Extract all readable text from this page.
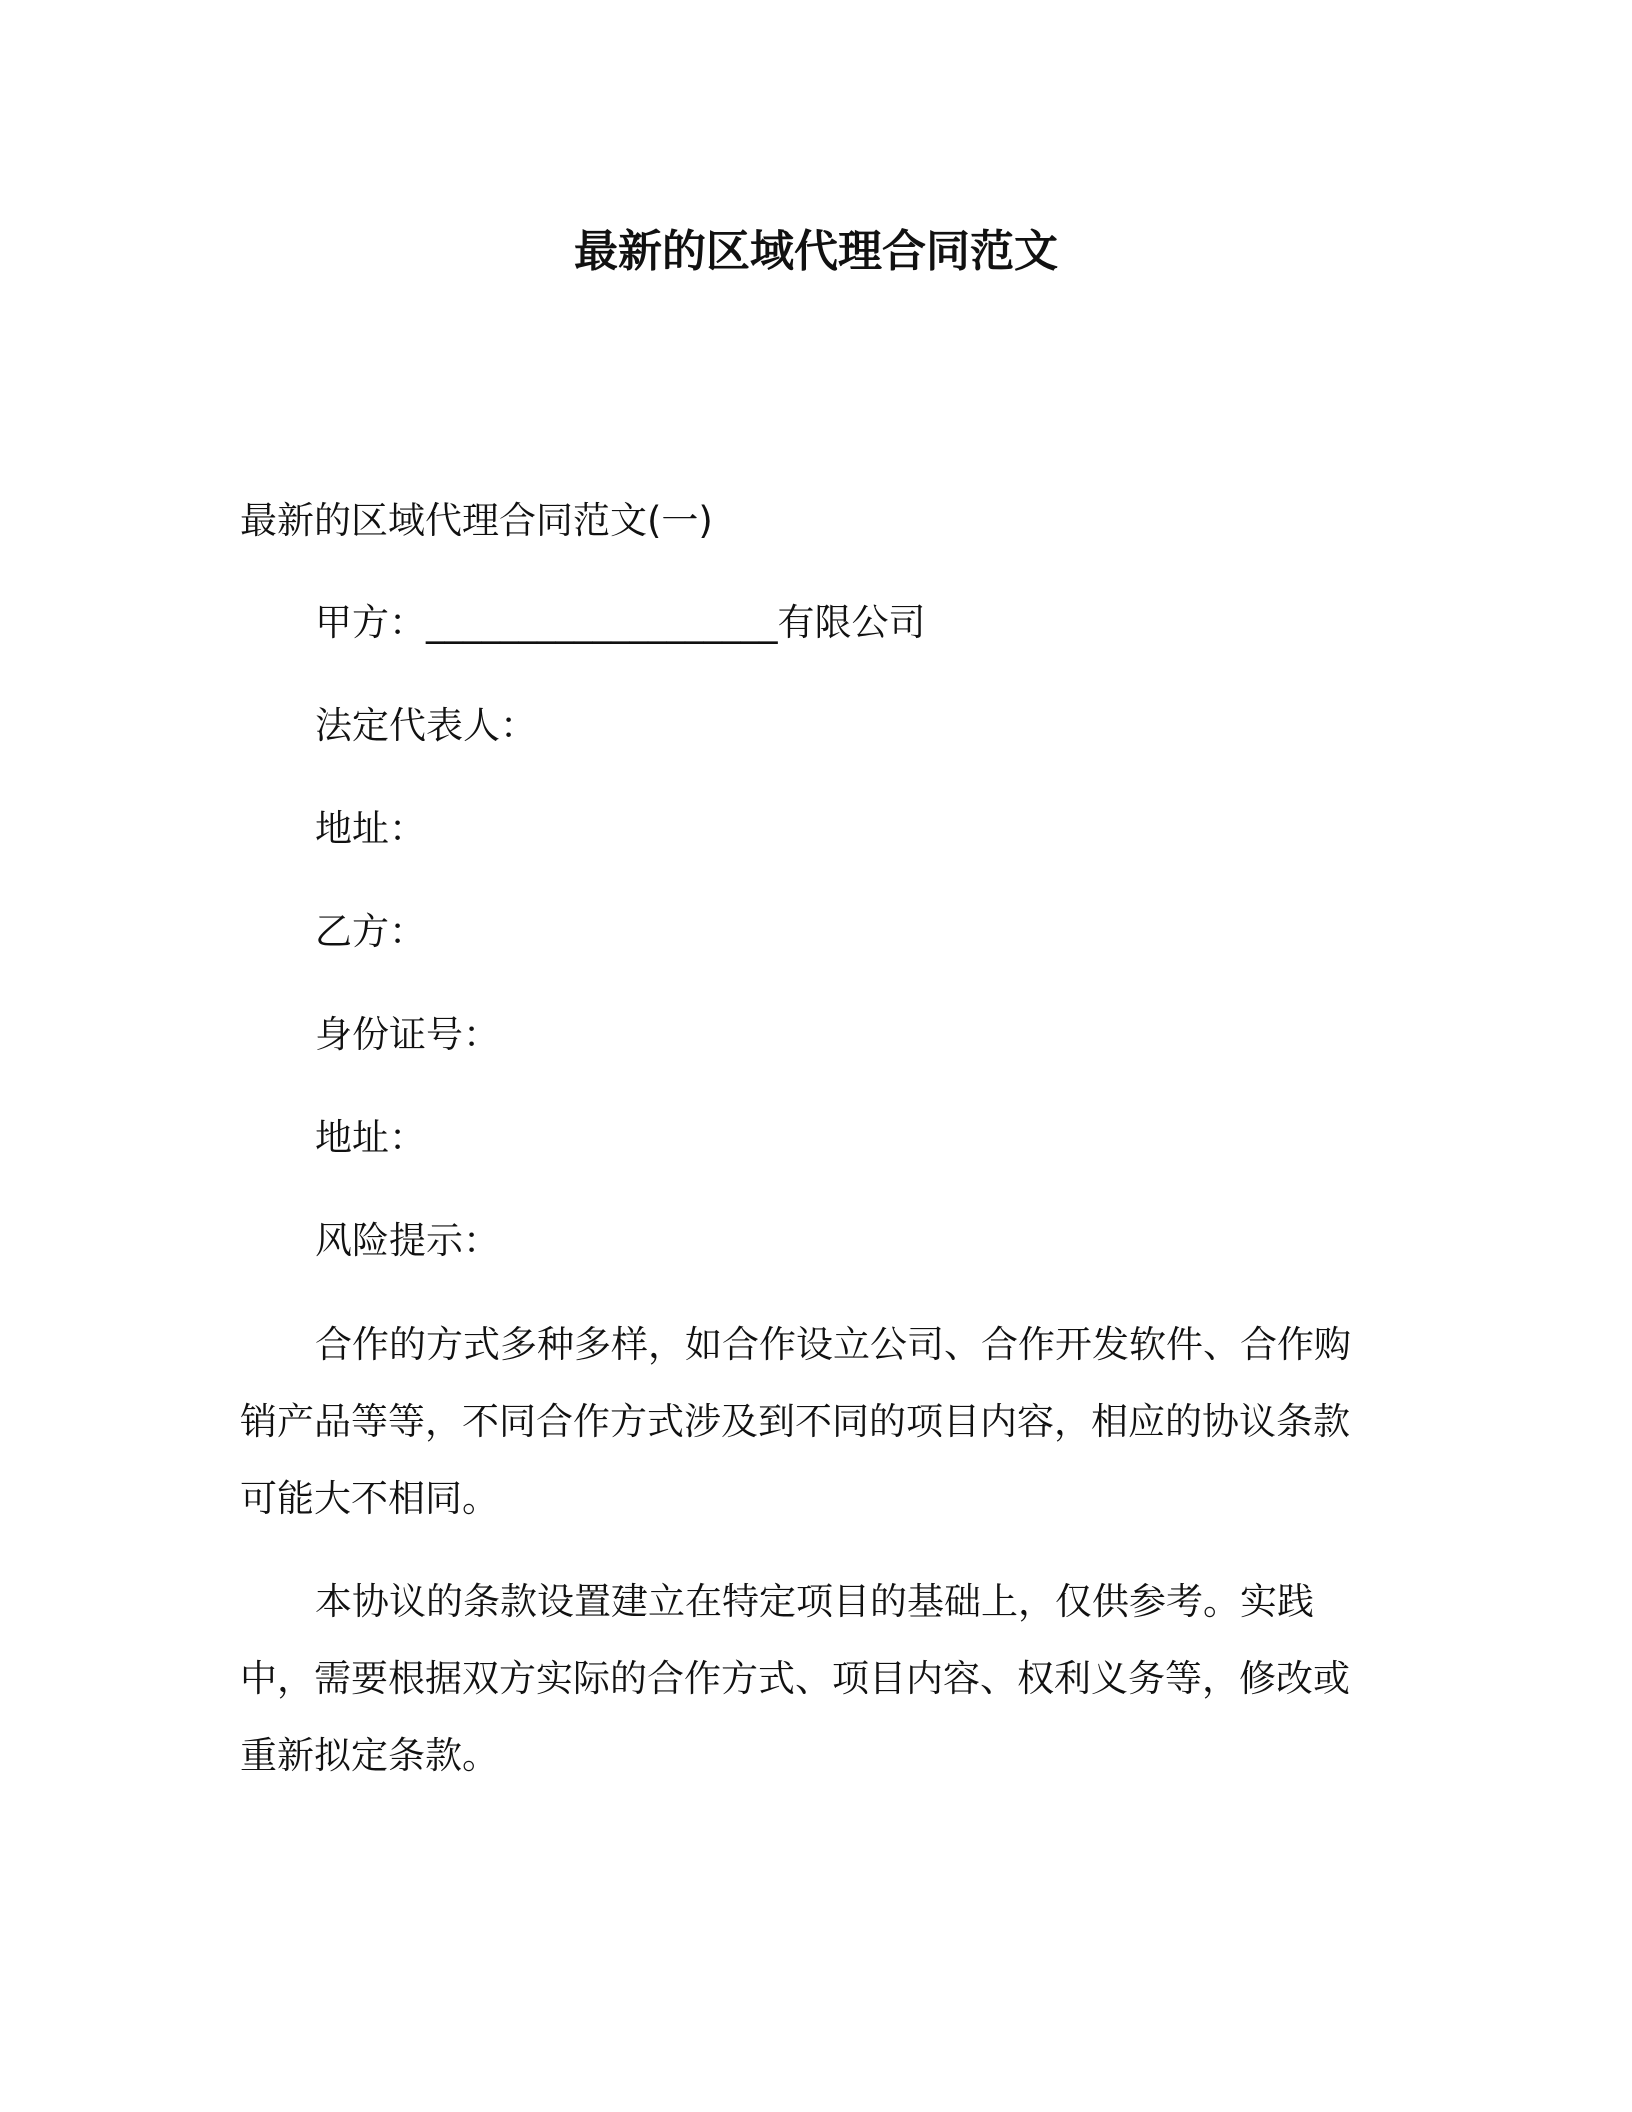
最新的区域代理合同范文

最新的区域代理合同范文(一)

甲方：___________________有限公司

法定代表人：

地址：

乙方：

身份证号：

地址：

风险提示：

合作的方式多种多样，如合作设立公司、合作开发软件、合作购销产品等等，不同合作方式涉及到不同的项目内容，相应的协议条款可能大不相同。

本协议的条款设置建立在特定项目的基础上，仅供参考。实践中，需要根据双方实际的合作方式、项目内容、权利义务等，修改或重新拟定条款。
